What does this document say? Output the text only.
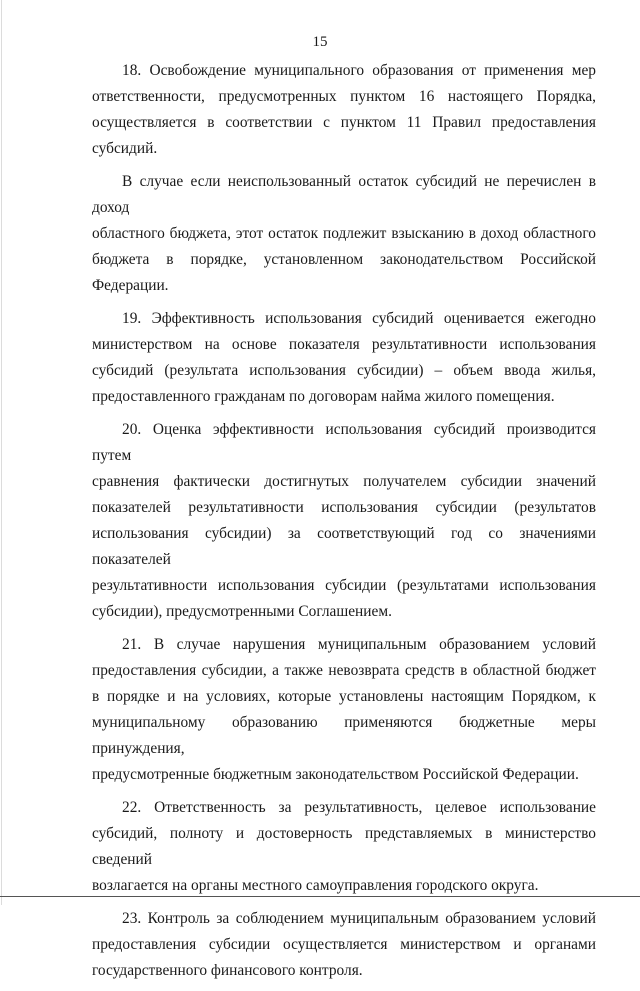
15

18. Освобождение муниципального образования от применения мер
ответственности, предусмотренных пунктом 16 настоящего Порядка,
осуществляется в соответствии с пунктом 11 Правил предоставления
субсидий.

В случае если неиспользованный остаток субсидий не перечислен в доход
областного бюджета, этот остаток подлежит взысканию в доход областного
бюджета в порядке, установленном законодательством Российской
Федерации.

19. Эффективность использования субсидий оценивается ежегодно
министерством на основе показателя результативности использования
субсидий (результата использования субсидии) – объем ввода жилья,
предоставленного гражданам по договорам найма жилого помещения.

20. Оценка эффективности использования субсидий производится путем
сравнения фактически достигнутых получателем субсидии значений
показателей результативности использования субсидии (результатов
использования субсидии) за соответствующий год со значениями показателей
результативности использования субсидии (результатами использования
субсидии), предусмотренными Соглашением.

21. В случае нарушения муниципальным образованием условий
предоставления субсидии, а также невозврата средств в областной бюджет
в порядке и на условиях, которые установлены настоящим Порядком, к
муниципальному образованию применяются бюджетные меры принуждения,
предусмотренные бюджетным законодательством Российской Федерации.

22. Ответственность за результативность, целевое использование
субсидий, полноту и достоверность представляемых в министерство сведений
возлагается на органы местного самоуправления городского округа.

23. Контроль за соблюдением муниципальным образованием условий
предоставления субсидии осуществляется министерством и органами
государственного финансового контроля.
